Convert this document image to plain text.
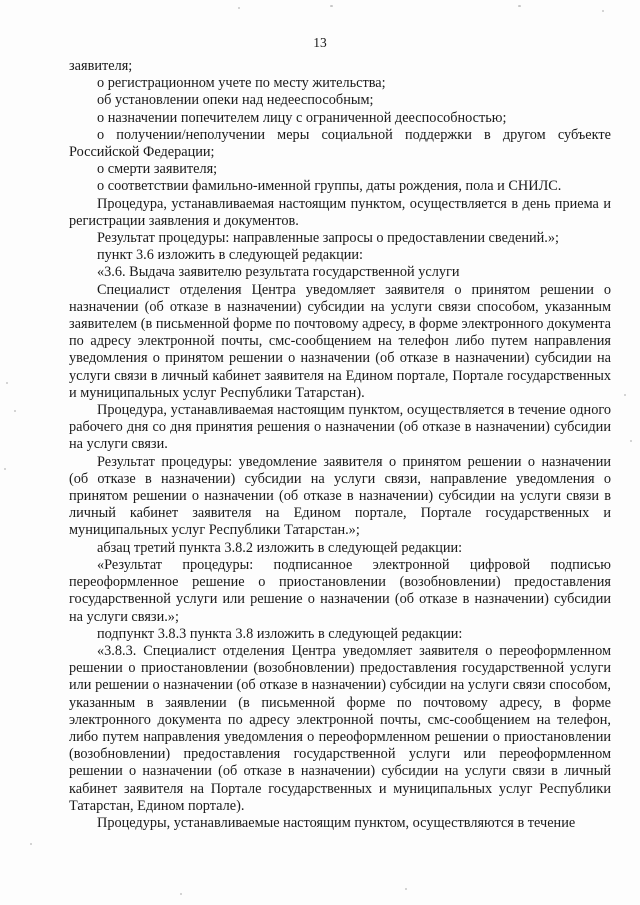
13

заявителя;

о регистрационном учете по месту жительства;

об установлении опеки над недееспособным;

о назначении попечителем лицу с ограниченной дееспособностью;

о получении/неполучении меры социальной поддержки в другом субъекте Российской Федерации;

о смерти заявителя;

о соответствии фамильно-именной группы, даты рождения, пола и СНИЛС.

Процедура, устанавливаемая настоящим пунктом, осуществляется в день приема и регистрации заявления и документов.

Результат процедуры: направленные запросы о предоставлении сведений.»;

пункт 3.6 изложить в следующей редакции:

«3.6. Выдача заявителю результата государственной услуги

Специалист отделения Центра уведомляет заявителя о принятом решении о назначении (об отказе в назначении) субсидии на услуги связи способом, указанным заявителем (в письменной форме по почтовому адресу, в форме электронного документа по адресу электронной почты, смс-сообщением на телефон либо путем направления уведомления о принятом решении о назначении (об отказе в назначении) субсидии на услуги связи в личный кабинет заявителя на Едином портале, Портале государственных и муниципальных услуг Республики Татарстан).

Процедура, устанавливаемая настоящим пунктом, осуществляется в течение одного рабочего дня со дня принятия решения о назначении (об отказе в назначении) субсидии на услуги связи.

Результат процедуры: уведомление заявителя о принятом решении о назначении (об отказе в назначении) субсидии на услуги связи, направление уведомления о принятом решении о назначении (об отказе в назначении) субсидии на услуги связи в личный кабинет заявителя на Едином портале, Портале государственных и муниципальных услуг Республики Татарстан.»;

абзац третий пункта 3.8.2 изложить в следующей редакции:

«Результат процедуры: подписанное электронной цифровой подписью переоформленное решение о приостановлении (возобновлении) предоставления государственной услуги или решение о назначении (об отказе в назначении) субсидии на услуги связи.»;

подпункт 3.8.3 пункта 3.8 изложить в следующей редакции:

«3.8.3. Специалист отделения Центра уведомляет заявителя о переоформленном решении о приостановлении (возобновлении) предоставления государственной услуги или решении о назначении (об отказе в назначении) субсидии на услуги связи способом, указанным в заявлении (в письменной форме по почтовому адресу, в форме электронного документа по адресу электронной почты, смс-сообщением на телефон, либо путем направления уведомления о переоформленном решении о приостановлении (возобновлении) предоставления государственной услуги или переоформленном решении о назначении (об отказе в назначении) субсидии на услуги связи в личный кабинет заявителя на Портале государственных и муниципальных услуг Республики Татарстан, Едином портале).

Процедуры, устанавливаемые настоящим пунктом, осуществляются в течение
